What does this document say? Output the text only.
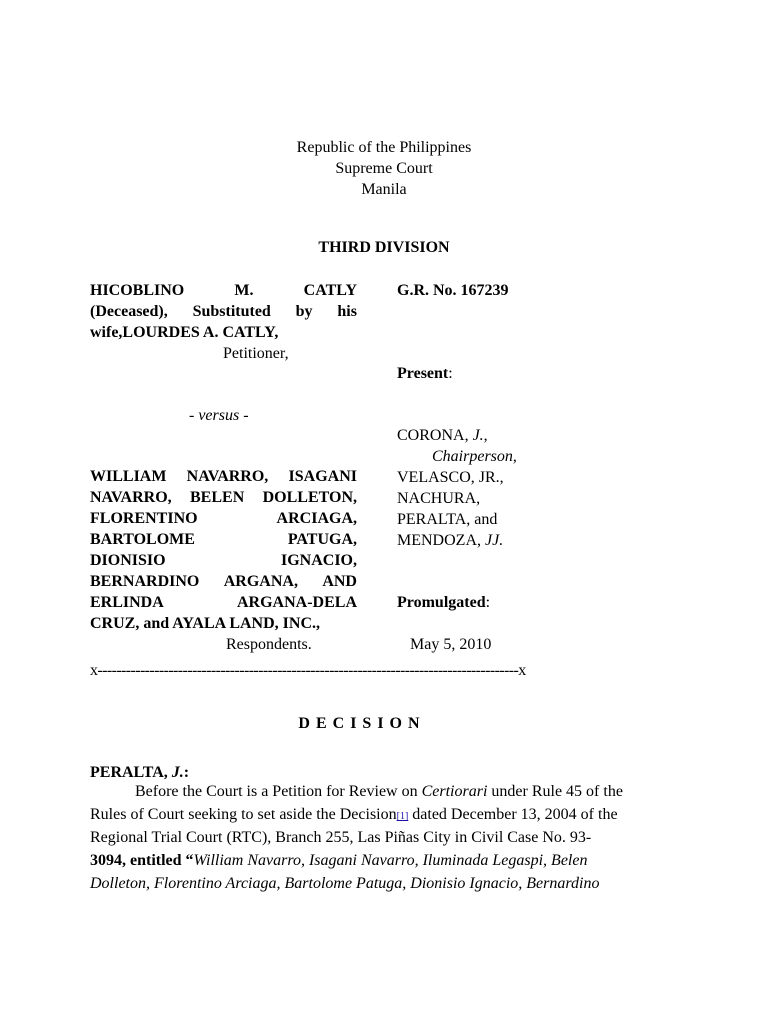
Republic of the Philippines
Supreme Court
Manila
THIRD DIVISION
HICOBLINO	M.	CATLY
(Deceased), Substituted by his
wife,LOURDES A. CATLY,
Petitioner,
- versus -
WILLIAM NAVARRO, ISAGANI
NAVARRO, BELEN DOLLETON,
FLORENTINO	ARCIAGA,
BARTOLOME	PATUGA,
DIONISIO	IGNACIO,
BERNARDINO ARGANA, AND
ERLINDA	ARGANA-DELA
CRUZ, and AYALA LAND, INC.,
Respondents.
G.R. No. 167239
Present:
CORONA, J.,
Chairperson,
VELASCO, JR.,
NACHURA,
PERALTA, and
MENDOZA, JJ.
Promulgated:
May 5, 2010
x-----------------------------------------------------------------------------------------x
DECISION
PERALTA, J.:
Before the Court is a Petition for Review on Certiorari under Rule 45 of the
Rules of Court seeking to set aside the Decision [1] dated December 13, 2004 of the
Regional Trial Court (RTC), Branch 255, Las Piñas City in Civil Case No. 93-
3094, entitled “ William Navarro, Isagani Navarro, Iluminada Legaspi, Belen
Dolleton, Florentino Arciaga, Bartolome Patuga, Dionisio Ignacio, Bernardino
